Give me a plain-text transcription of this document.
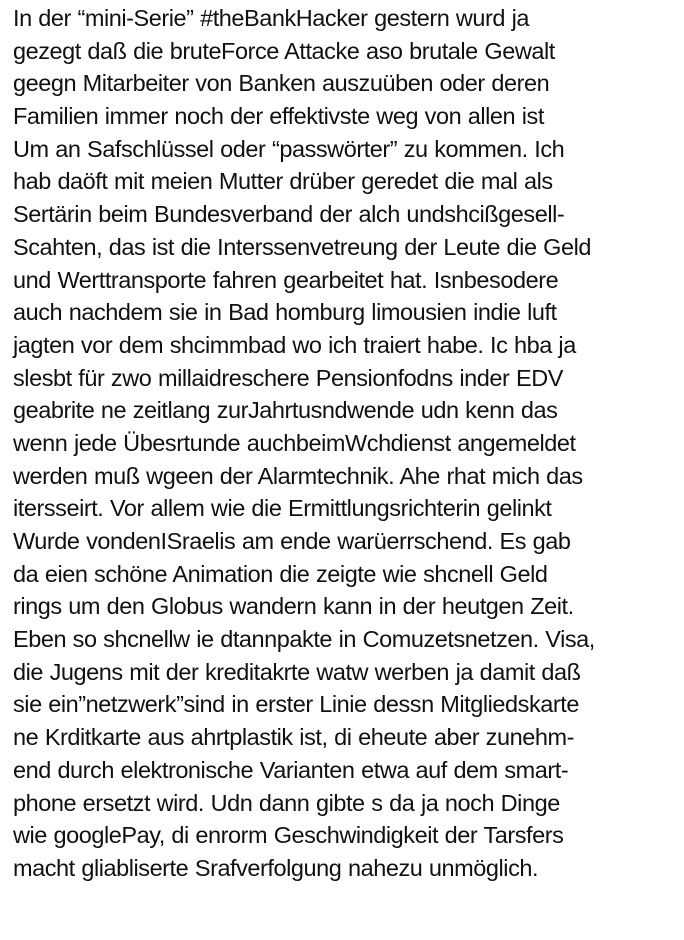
In der “mini-Serie” #theBankHacker gestern wurd ja
gezegt daß die bruteForce Attacke aso brutale Gewalt
geegn Mitarbeiter von Banken auszuüben oder deren
Familien immer noch der effektivste weg von allen ist
Um an Safschlüssel oder “passwörter” zu kommen. Ich
hab daöft mit meien Mutter drüber geredet die mal als
Sertärin beim Bundesverband der alch undshcißgesell-
Scahten, das ist die Interssenvetreung der Leute die Geld
und Werttransporte fahren gearbeitet hat. Isnbesodere
auch nachdem sie in Bad homburg limousien indie luft
jagten vor dem shcimmbad wo ich traiert habe. Ic hba ja
slesbt für zwo millaidreschere Pensionfodns inder EDV
geabrite ne zeitlang zurJahrtusndwende udn kenn das
wenn jede Übesrtunde auchbeimWchdienst angemeldet
werden muß wgeen der Alarmtechnik. Ahe rhat mich das
itersseirt. Vor allem wie die Ermittlungsrichterin gelinkt
Wurde vondenISraelis am ende warüerrschend. Es gab
da eien schöne Animation die zeigte wie shcnell Geld
rings um den Globus wandern kann in der heutgen Zeit.
Eben so shcnellw ie dtannpakte in Comuzetsnetzen. Visa,
die Jugens mit der kreditakrte watw werben ja damit daß
sie ein”netzwerk”sind in erster Linie dessn Mitgliedskarte
ne Krditkarte aus ahrtplastik ist, di eheute aber zunehm-
end durch elektronische Varianten etwa auf dem smart-
phone ersetzt wird. Udn dann gibte s da ja noch Dinge
wie googlePay, di enrorm Geschwindigkeit der Tarsfers
macht gliabliserte Srafverfolgung nahezu unmöglich.
